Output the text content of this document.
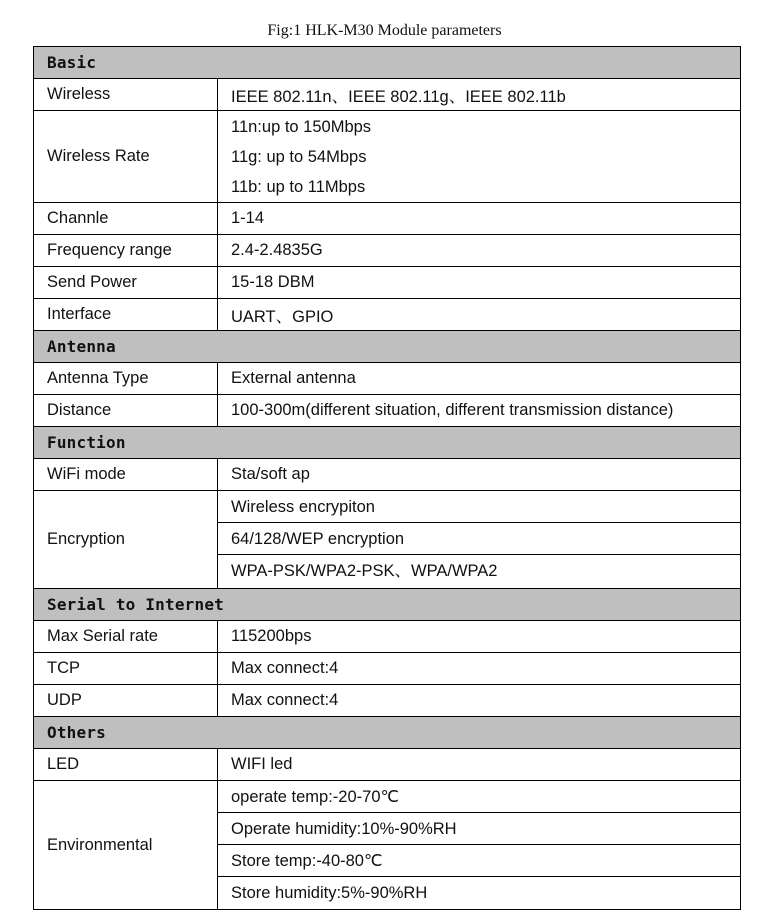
Fig:1 HLK-M30 Module parameters
Basic	
Wireless	IEEE 802.11n、IEEE 802.11g、IEEE 802.11b
Wireless Rate	11n:up to 150Mbps
11g: up to 54Mbps
11b: up to 11Mbps

Channle	1-14
Frequency range	2.4-2.4835G
Send Power	15-18 DBM
Interface	UART、GPIO
Antenna	
Antenna Type	External antenna
Distance	100-300m(different situation, different transmission distance)
Function	
WiFi mode	Sta/soft ap
Encryption	Wireless encrypiton
64/128/WEP encryption
WPA-PSK/WPA2-PSK、WPA/WPA2

Serial to Internet	
Max Serial rate	115200bps
TCP	Max connect:4
UDP	Max connect:4
Others	
LED	WIFI led
Environmental	operate temp:-20-70℃
Operate humidity:10%-90%RH
Store temp:-40-80℃
Store humidity:5%-90%RH
